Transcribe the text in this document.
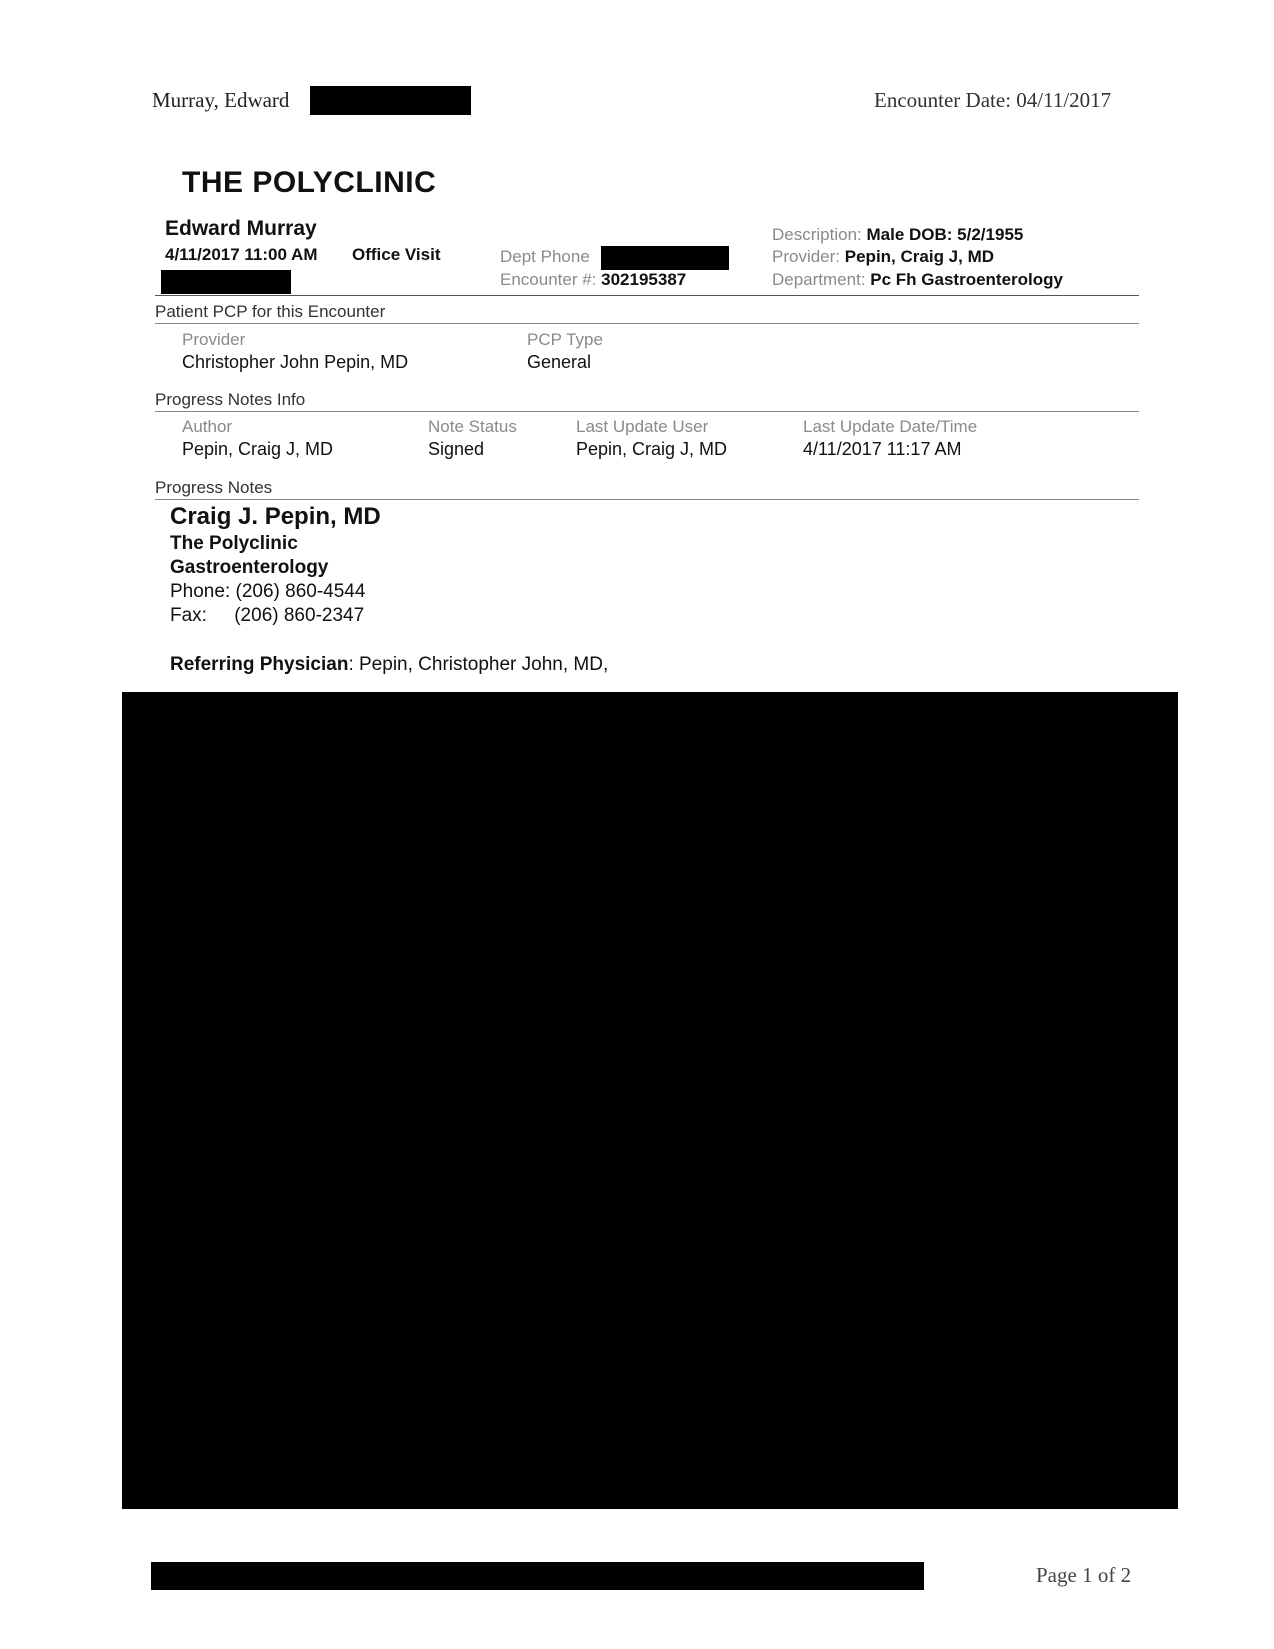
Murray, Edward	Encounter Date: 04/11/2017
THE POLYCLINIC
Edward Murray
4/11/2017 11:00 AM Office Visit	Dept Phone
Encounter #: 302195387
Description: Male DOB: 5/2/1955
Provider: Pepin, Craig J, MD
Department: Pc Fh Gastroenterology
Patient PCP for this Encounter
Provider	PCP Type
Christopher John Pepin, MD	General
Progress Notes Info
Author	Note Status	Last Update User	Last Update Date/Time
Pepin, Craig J, MD	Signed	Pepin, Craig J, MD	4/11/2017 11:17 AM
Progress Notes
Craig J. Pepin, MD
The Polyclinic
Gastroenterology
Phone: (206) 860-4544
Fax: (206) 860-2347
Referring Physician: Pepin, Christopher John, MD,
Page 1 of 2
